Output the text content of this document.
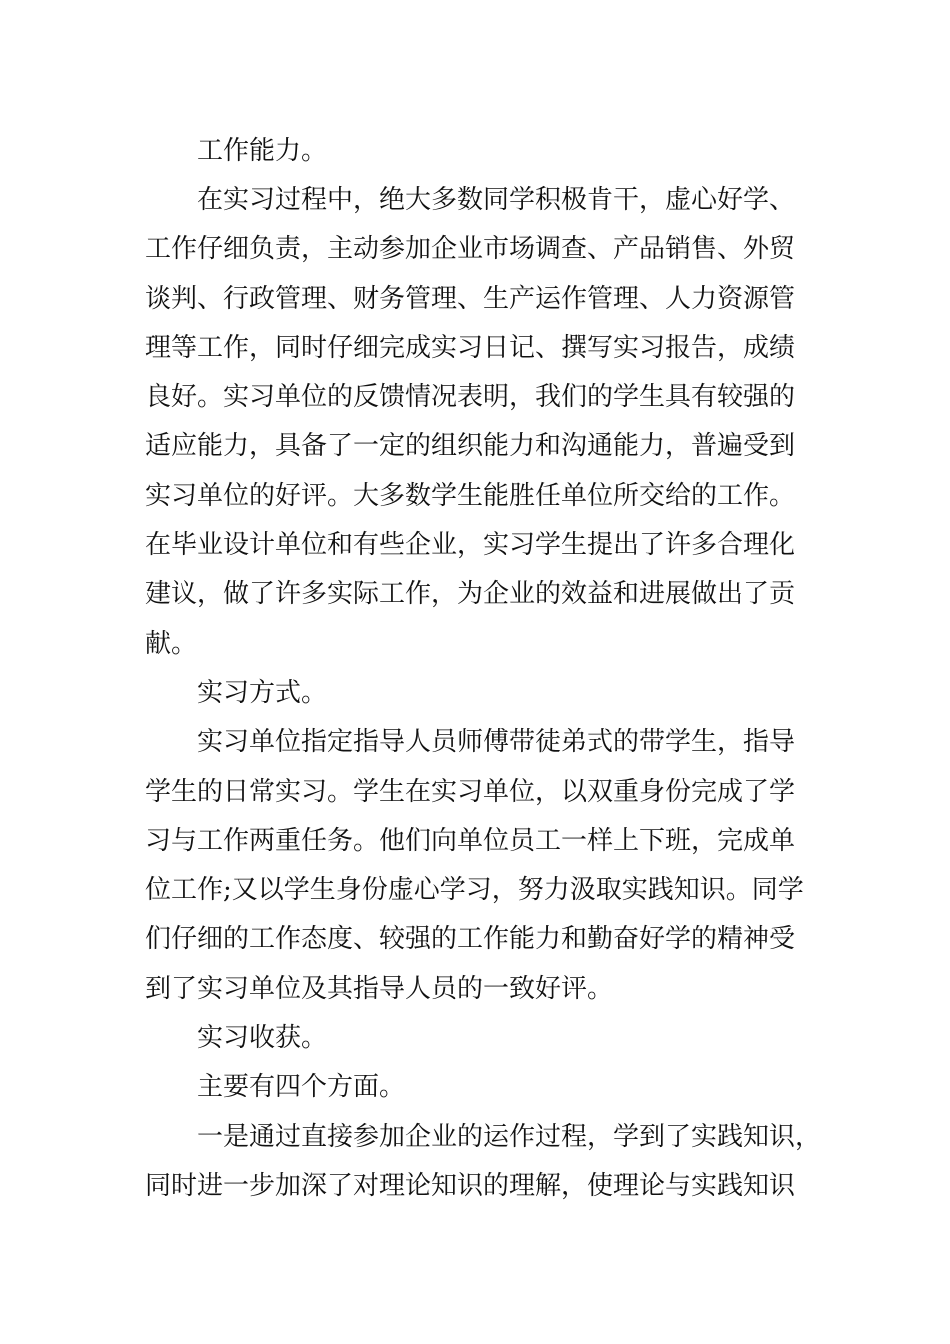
　　工作能力。
　　在实习过程中，绝大多数同学积极肯干，虚心好学、
工作仔细负责，主动参加企业市场调查、产品销售、外贸
谈判、行政管理、财务管理、生产运作管理、人力资源管
理等工作，同时仔细完成实习日记、撰写实习报告，成绩
良好。实习单位的反馈情况表明，我们的学生具有较强的
适应能力，具备了一定的组织能力和沟通能力，普遍受到
实习单位的好评。大多数学生能胜任单位所交给的工作。
在毕业设计单位和有些企业，实习学生提出了许多合理化
建议，做了许多实际工作，为企业的效益和进展做出了贡
献。
　　实习方式。
　　实习单位指定指导人员师傅带徒弟式的带学生，指导
学生的日常实习。学生在实习单位，以双重身份完成了学
习与工作两重任务。他们向单位员工一样上下班，完成单
位工作;又以学生身份虚心学习，努力汲取实践知识。同学
们仔细的工作态度、较强的工作能力和勤奋好学的精神受
到了实习单位及其指导人员的一致好评。
　　实习收获。
　　主要有四个方面。
　　一是通过直接参加企业的运作过程，学到了实践知识，
同时进一步加深了对理论知识的理解，使理论与实践知识
